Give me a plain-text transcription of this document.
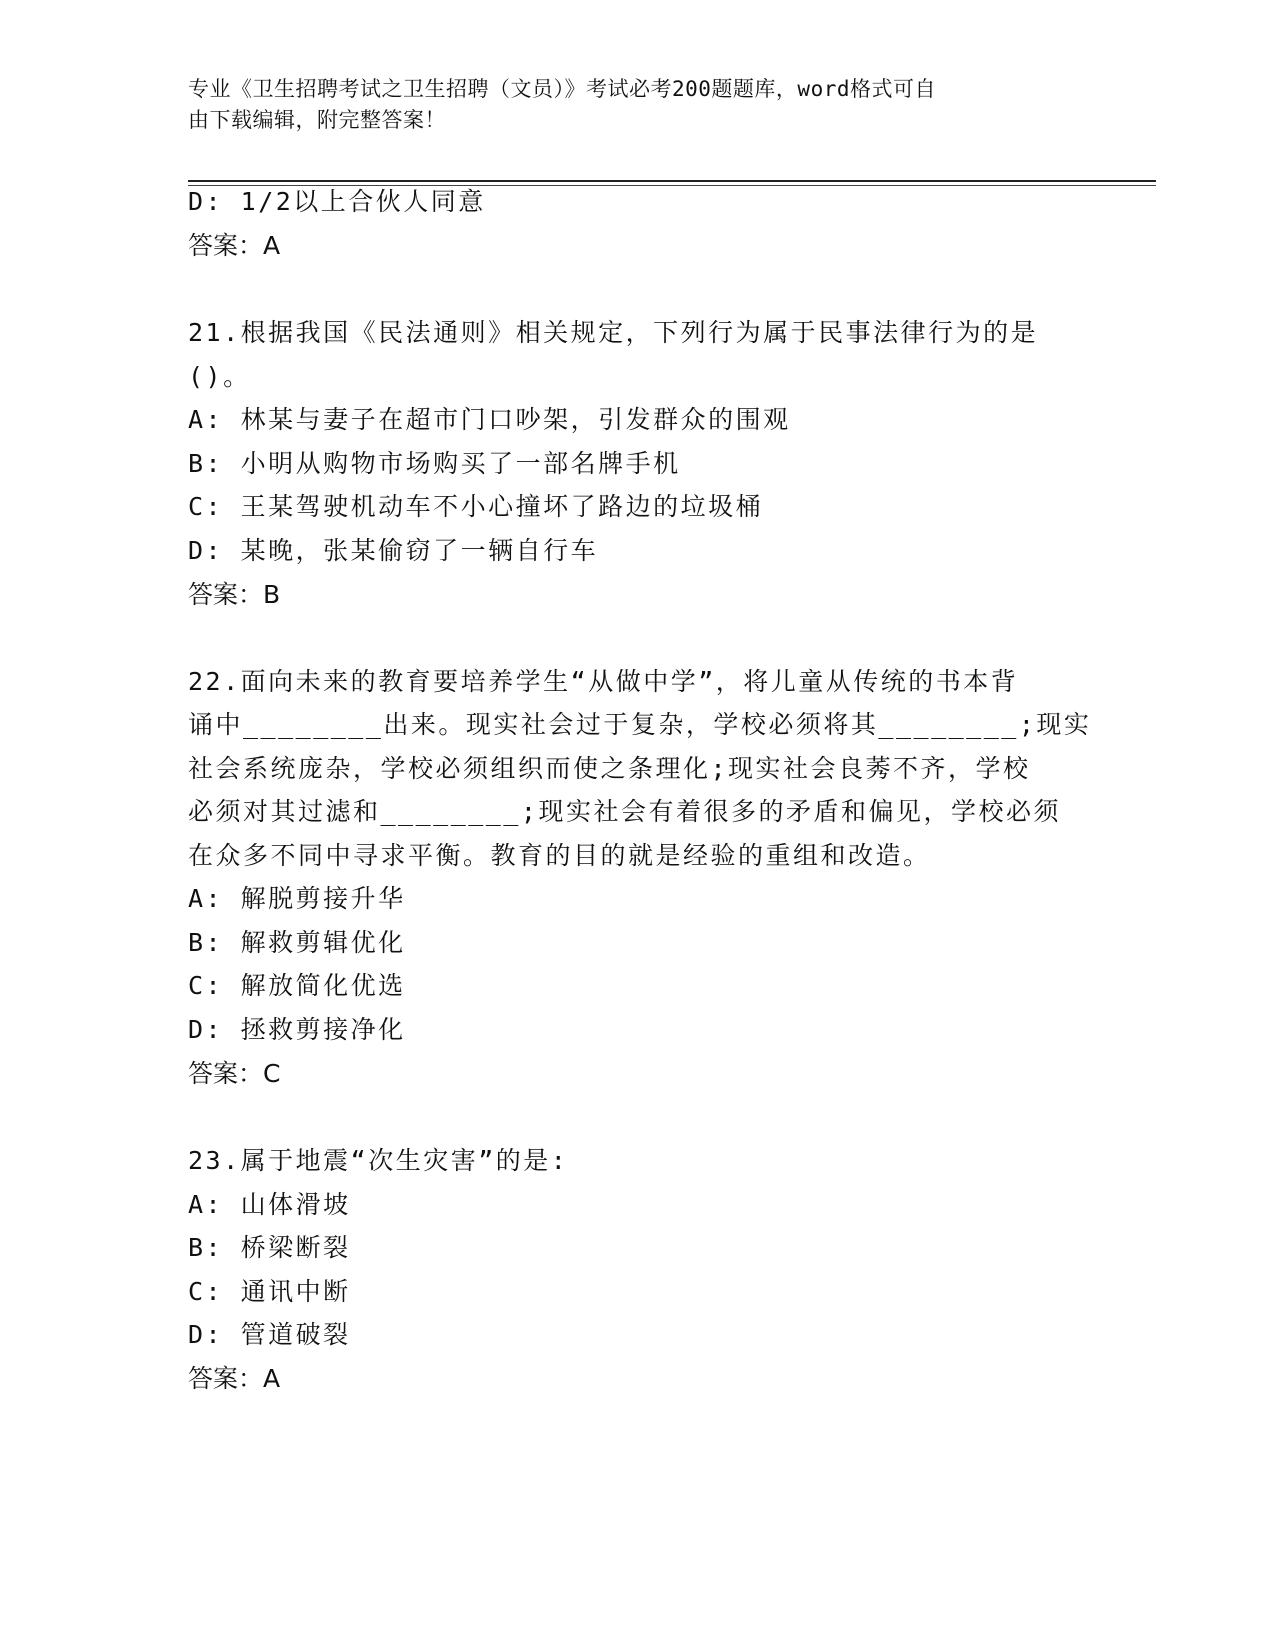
专业《卫生招聘考试之卫生招聘（文员）》考试必考200题题库，word格式可自
由下载编辑，附完整答案！
D: 1/2以上合伙人同意
答案：A
21.根据我国《民法通则》相关规定，下列行为属于民事法律行为的是
()。
A: 林某与妻子在超市门口吵架，引发群众的围观
B: 小明从购物市场购买了一部名牌手机
C: 王某驾驶机动车不小心撞坏了路边的垃圾桶
D: 某晚，张某偷窃了一辆自行车
答案：B
22.面向未来的教育要培养学生“从做中学”，将儿童从传统的书本背
诵中________出来。现实社会过于复杂，学校必须将其________;现实
社会系统庞杂，学校必须组织而使之条理化;现实社会良莠不齐，学校
必须对其过滤和________;现实社会有着很多的矛盾和偏见，学校必须
在众多不同中寻求平衡。教育的目的就是经验的重组和改造。
A: 解脱剪接升华
B: 解救剪辑优化
C: 解放简化优选
D: 拯救剪接净化
答案：C
23.属于地震“次生灾害”的是:
A: 山体滑坡
B: 桥梁断裂
C: 通讯中断
D: 管道破裂
答案：A
